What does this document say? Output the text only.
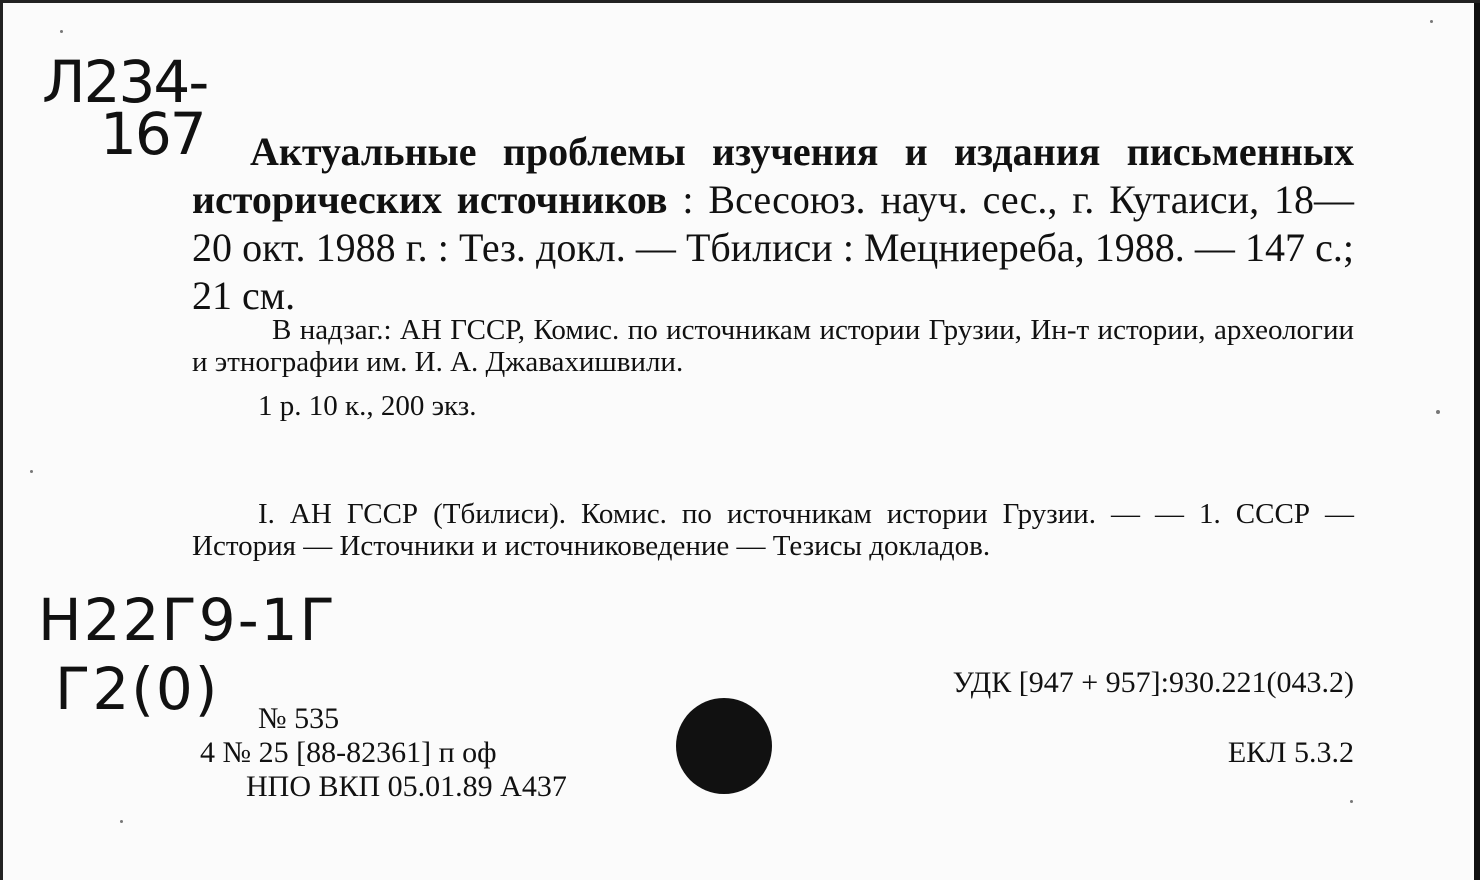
Л234-
167	Актуальные проблемы изучения и издания письменных исторических источников : Всесоюз. науч. сес., г. Кутаиси, 18—20 окт. 1988 г. : Тез. докл. — Тбилиси : Мецниереба, 1988. — 147 с.; 21 см.
В надзаг.: АН ГССР, Комис. по источникам истории Грузии, Ин-т истории, археологии и этнографии им. И. А. Джавахишвили.
1 р. 10 к., 200 экз.
I. АН ГССР (Тбилиси). Комис. по источникам истории Грузии. — — 1. СССР — История — Источники и источниковедение — Тезисы докладов.
Н22Г9-1Г
Г2(0)	УДК [947 + 957]:930.221(043.2)
ЕКЛ 5.3.2
№ 535
4 № 25 [88-82361] п оф
НПО ВКП 05.01.89 А437
